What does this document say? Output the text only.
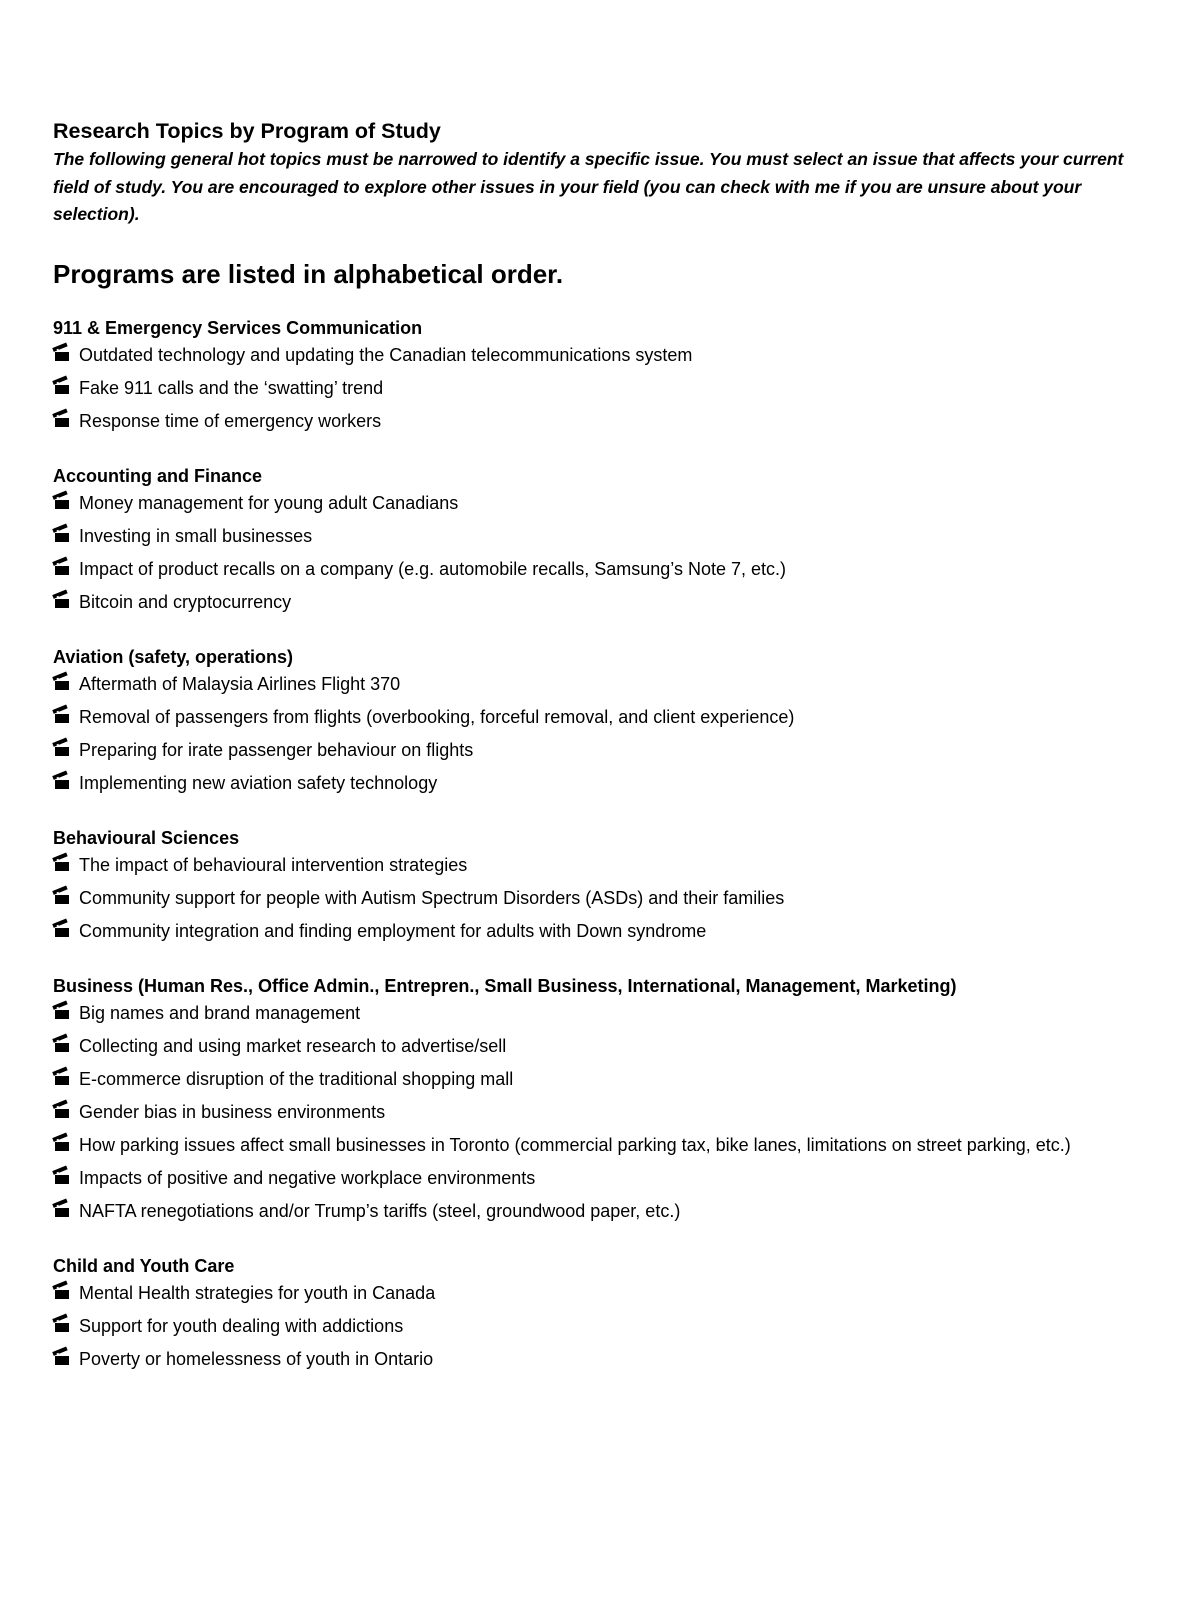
Research Topics by Program of Study

The following general hot topics must be narrowed to identify a specific issue. You must select an issue that affects your current field of study. You are encouraged to explore other issues in your field (you can check with me if you are unsure about your selection).

Programs are listed in alphabetical order.
911 & Emergency Services Communication
Outdated technology and updating the Canadian telecommunications system
Fake 911 calls and the ‘swatting’ trend
Response time of emergency workers
Accounting and Finance
Money management for young adult Canadians
Investing in small businesses
Impact of product recalls on a company (e.g. automobile recalls, Samsung’s Note 7, etc.)
Bitcoin and cryptocurrency
Aviation (safety, operations)
Aftermath of Malaysia Airlines Flight 370
Removal of passengers from flights (overbooking, forceful removal, and client experience)
Preparing for irate passenger behaviour on flights
Implementing new aviation safety technology
Behavioural Sciences
The impact of behavioural intervention strategies
Community support for people with Autism Spectrum Disorders (ASDs) and their families
Community integration and finding employment for adults with Down syndrome
Business (Human Res., Office Admin., Entrepren., Small Business, International, Management, Marketing)
Big names and brand management
Collecting and using market research to advertise/sell
E-commerce disruption of the traditional shopping mall
Gender bias in business environments
How parking issues affect small businesses in Toronto (commercial parking tax, bike lanes, limitations on street parking, etc.)
Impacts of positive and negative workplace environments
NAFTA renegotiations and/or Trump’s tariffs (steel, groundwood paper, etc.)
Child and Youth Care
Mental Health strategies for youth in Canada
Support for youth dealing with addictions
Poverty or homelessness of youth in Ontario
